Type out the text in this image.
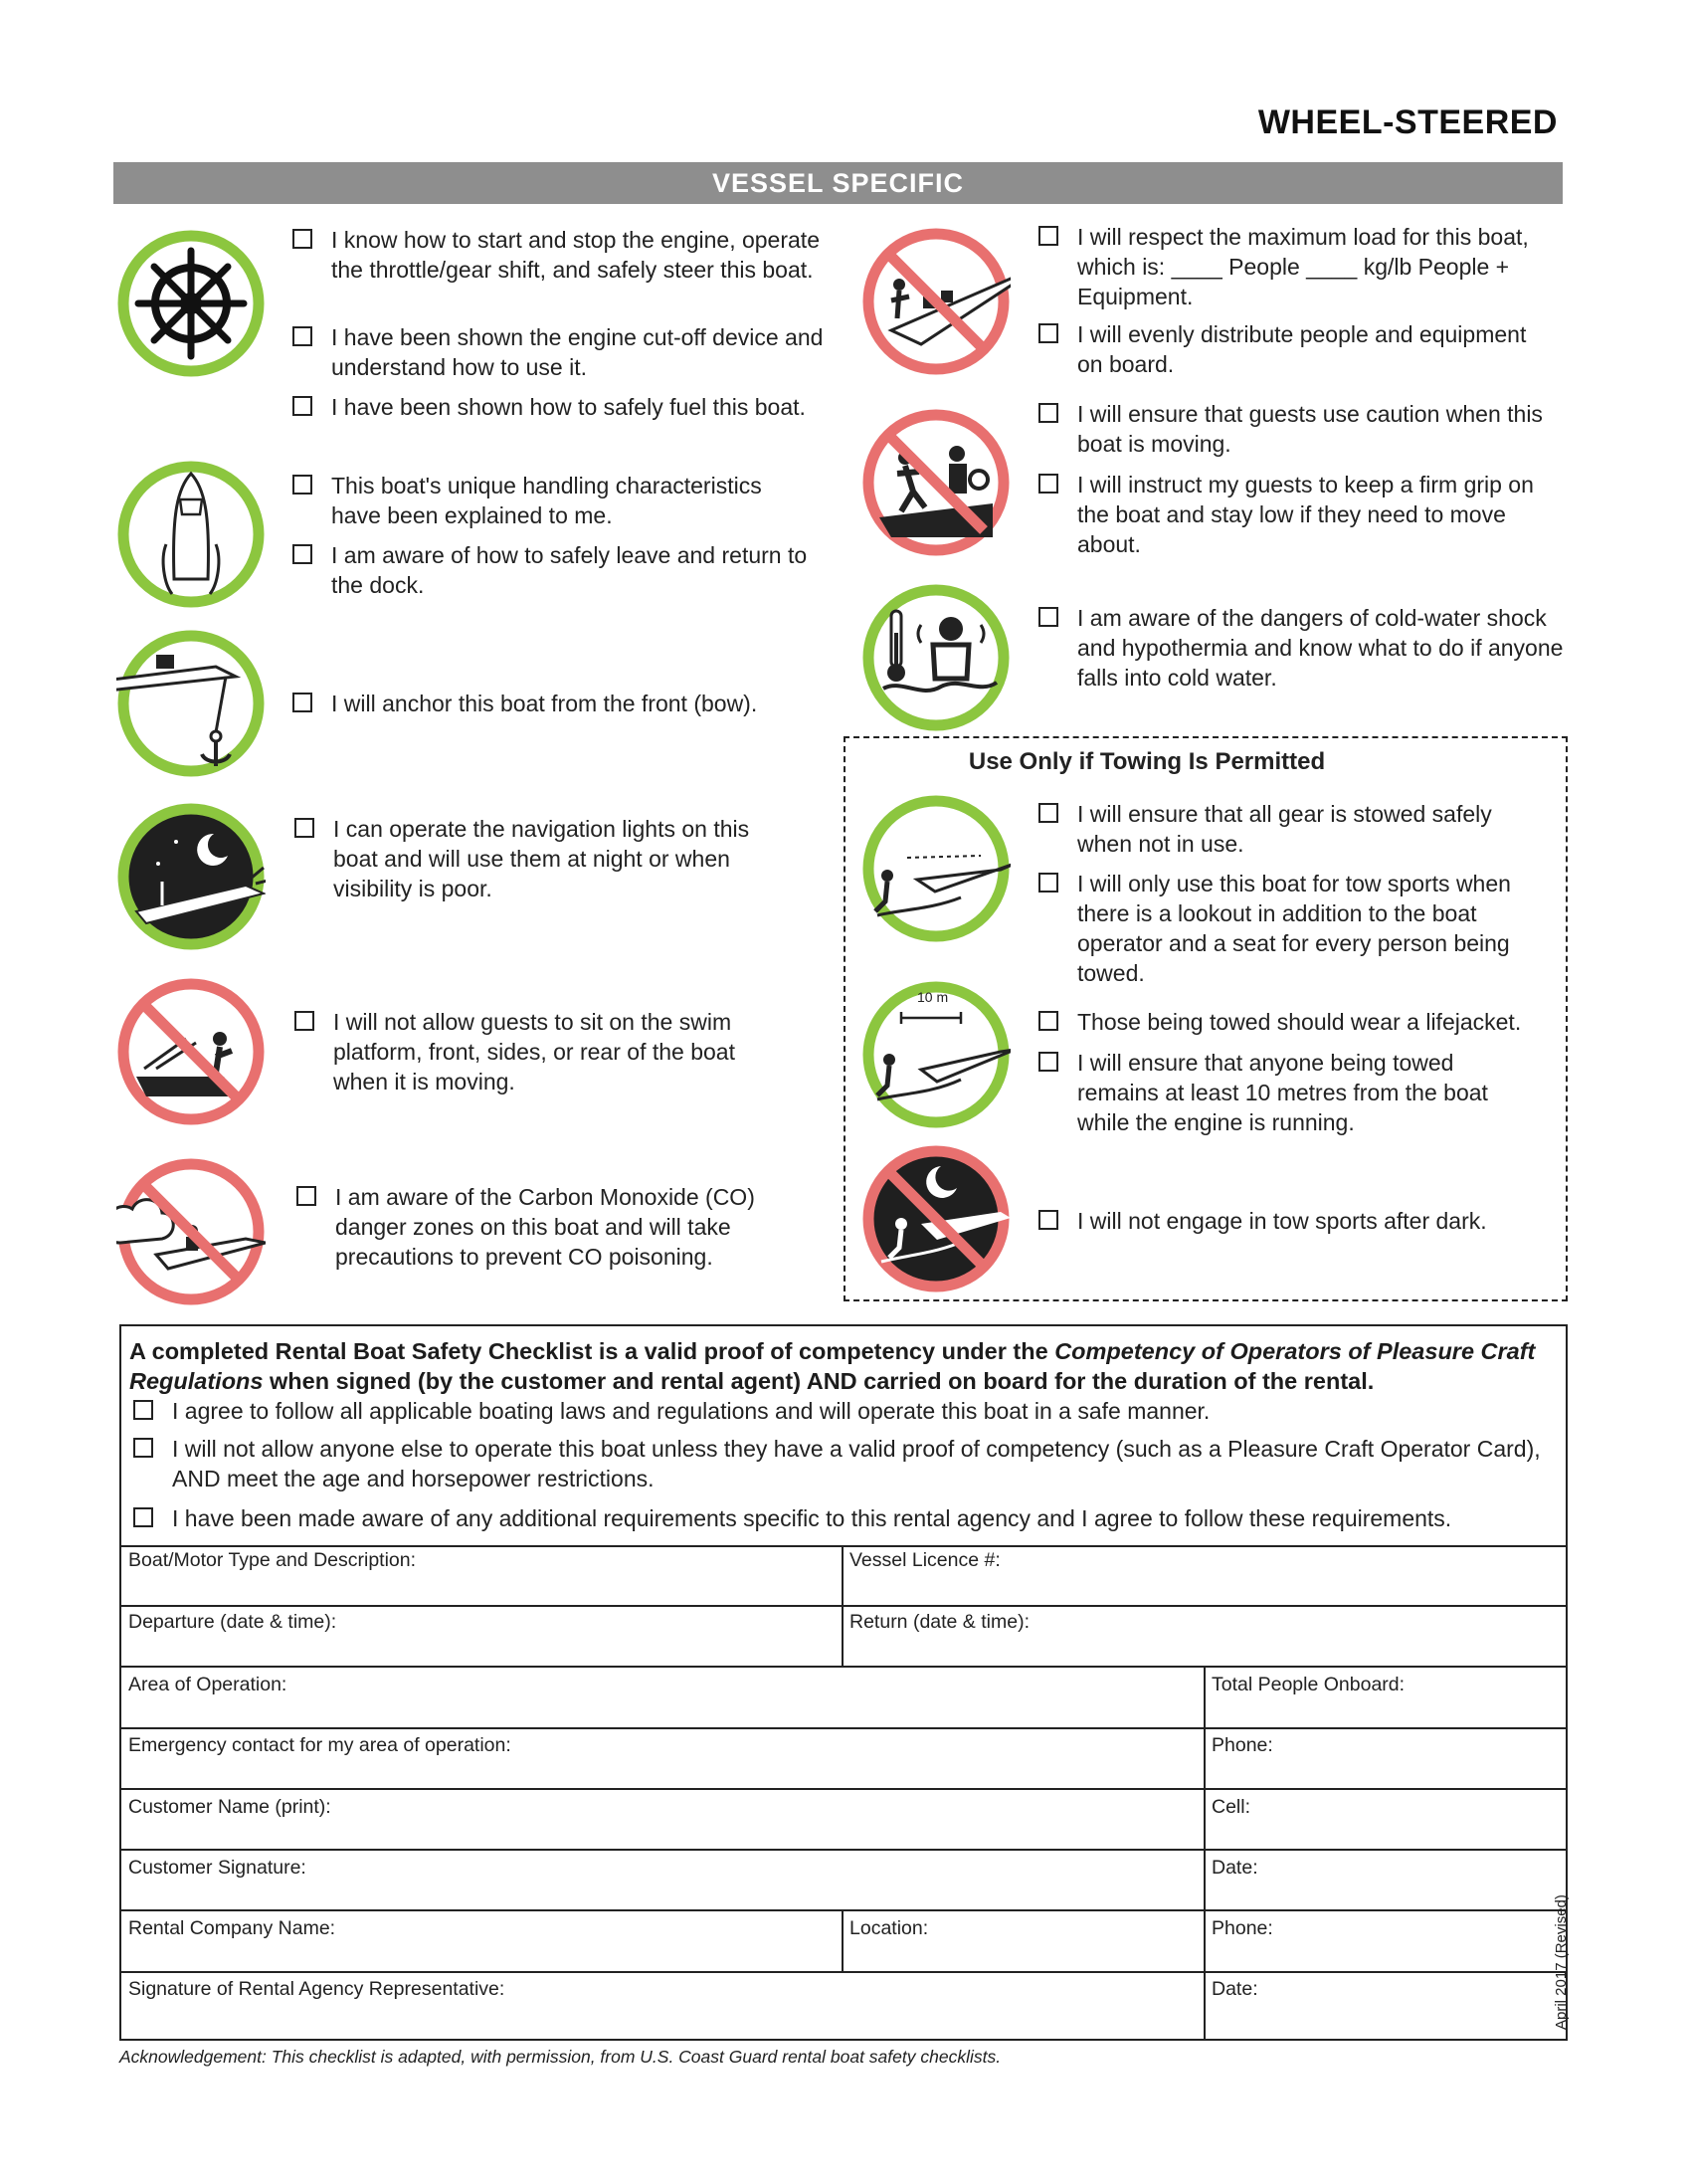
WHEEL-STEERED
VESSEL SPECIFIC
10 m
I know how to start and stop the engine, operate the throttle/gear shift, and safely steer this boat.
I have been shown the engine cut-off device and understand how to use it.
I have been shown how to safely fuel this boat.
This boat's unique handling characteristics have been explained to me.
I am aware of how to safely leave and return to the dock.
I will anchor this boat from the front (bow).
I can operate the navigation lights on this boat and will use them at night or when visibility is poor.
I will not allow guests to sit on the swim platform, front, sides, or rear of the boat when it is moving.
I am aware of the Carbon Monoxide (CO) danger zones on this boat and will take precautions to prevent CO poisoning.
I will respect the maximum load for this boat, which is: ____ People ____ kg/lb People + Equipment.
I will evenly distribute people and equipment on board.
I will ensure that guests use caution when this boat is moving.
I will instruct my guests to keep a firm grip on the boat and stay low if they need to move about.
I am aware of the dangers of cold-water shock and hypothermia and know what to do if anyone falls into cold water.
Use Only if Towing Is Permitted
I will ensure that all gear is stowed safely when not in use.
I will only use this boat for tow sports when there is a lookout in addition to the boat operator and a seat for every person being towed.
Those being towed should wear a lifejacket.
I will ensure that anyone being towed remains at least 10 metres from the boat while the engine is running.
I will not engage in tow sports after dark.
A completed Rental Boat Safety Checklist is a valid proof of competency under the Competency of Operators of Pleasure Craft Regulations when signed (by the customer and rental agent) AND carried on board for the duration of the rental.
I agree to follow all applicable boating laws and regulations and will operate this boat in a safe manner.
I will not allow anyone else to operate this boat unless they have a valid proof of competency (such as a Pleasure Craft Operator Card), AND meet the age and horsepower restrictions.
I have been made aware of any additional requirements specific to this rental agency and I agree to follow these requirements.
Boat/Motor Type and Description:	Vessel Licence #:
Departure (date & time):	Return (date & time):
Area of Operation:	Total People Onboard:
Emergency contact for my area of operation:	Phone:
Customer Name (print):	Cell:
Customer Signature:	Date:
Rental Company Name:	Location:	Phone:
Signature of Rental Agency Representative:	Date:
Acknowledgement: This checklist is adapted, with permission, from U.S. Coast Guard rental boat safety checklists.
April 2017 (Revised)
